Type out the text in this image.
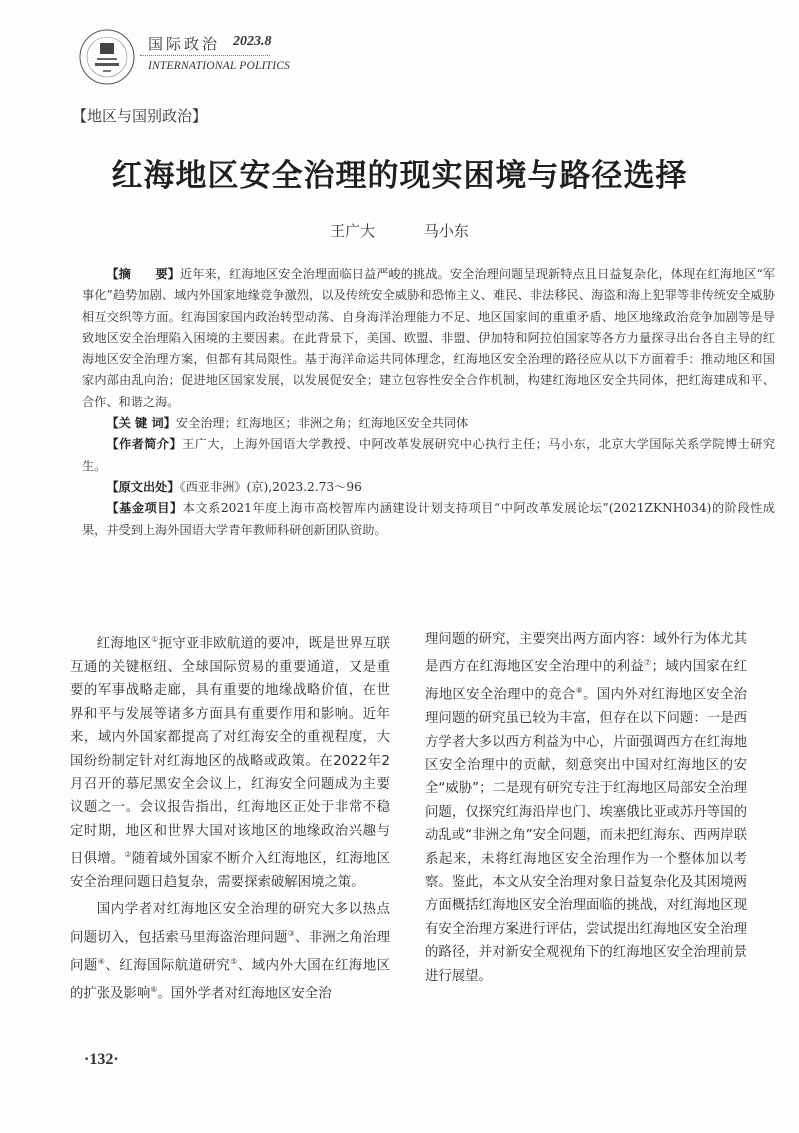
国际政治 2023.8
INTERNATIONAL POLITICS
【地区与国别政治】
红海地区安全治理的现实困境与路径选择
王广大	马小东

【摘　　要】近年来，红海地区安全治理面临日益严峻的挑战。安全治理问题呈现新特点且日益复杂化，体现在红海地区“军事化”趋势加剧、域内外国家地缘竞争激烈，以及传统安全威胁和恐怖主义、难民、非法移民、海盗和海上犯罪等非传统安全威胁相互交织等方面。红海国家国内政治转型动荡、自身海洋治理能力不足、地区国家间的重重矛盾、地区地缘政治竞争加剧等是导致地区安全治理陷入困境的主要因素。在此背景下，美国、欧盟、非盟、伊加特和阿拉伯国家等各方力量探寻出台各自主导的红海地区安全治理方案，但都有其局限性。基于海洋命运共同体理念，红海地区安全治理的路径应从以下方面着手：推动地区和国家内部由乱向治；促进地区国家发展，以发展促安全；建立包容性安全合作机制，构建红海地区安全共同体，把红海建成和平、合作、和谐之海。

【关 键 词】安全治理；红海地区；非洲之角；红海地区安全共同体

【作者简介】王广大，上海外国语大学教授、中阿改革发展研究中心执行主任；马小东，北京大学国际关系学院博士研究生。

【原文出处】《西亚非洲》(京),2023.2.73～96

【基金项目】本文系2021年度上海市高校智库内涵建设计划支持项目“中阿改革发展论坛”(2021ZKNH034)的阶段性成果，并受到上海外国语大学青年教师科研创新团队资助。

红海地区①扼守亚非欧航道的要冲，既是世界互联互通的关键枢纽、全球国际贸易的重要通道，又是重要的军事战略走廊，具有重要的地缘战略价值，在世界和平与发展等诸多方面具有重要作用和影响。近年来，域内外国家都提高了对红海安全的重视程度，大国纷纷制定针对红海地区的战略或政策。在2022年2月召开的慕尼黑安全会议上，红海安全问题成为主要议题之一。会议报告指出，红海地区正处于非常不稳定时期，地区和世界大国对该地区的地缘政治兴趣与日俱增。②随着域外国家不断介入红海地区，红海地区安全治理问题日趋复杂，需要探索破解困境之策。

国内学者对红海地区安全治理的研究大多以热点问题切入，包括索马里海盗治理问题③、非洲之角治理问题④、红海国际航道研究⑤、域内外大国在红海地区的扩张及影响⑥。国外学者对红海地区安全治

理问题的研究，主要突出两方面内容：域外行为体尤其是西方在红海地区安全治理中的利益⑦；域内国家在红海地区安全治理中的竞合⑧。国内外对红海地区安全治理问题的研究虽已较为丰富，但存在以下问题：一是西方学者大多以西方利益为中心，片面强调西方在红海地区安全治理中的贡献，刻意突出中国对红海地区的安全“威胁”；二是现有研究专注于红海地区局部安全治理问题，仅探究红海沿岸也门、埃塞俄比亚或苏丹等国的动乱或“非洲之角”安全问题，而未把红海东、西两岸联系起来，未将红海地区安全治理作为一个整体加以考察。鉴此，本文从安全治理对象日益复杂化及其困境两方面概括红海地区安全治理面临的挑战，对红海地区现有安全治理方案进行评估，尝试提出红海地区安全治理的路径，并对新安全观视角下的红海地区安全治理前景进行展望。

·132·
